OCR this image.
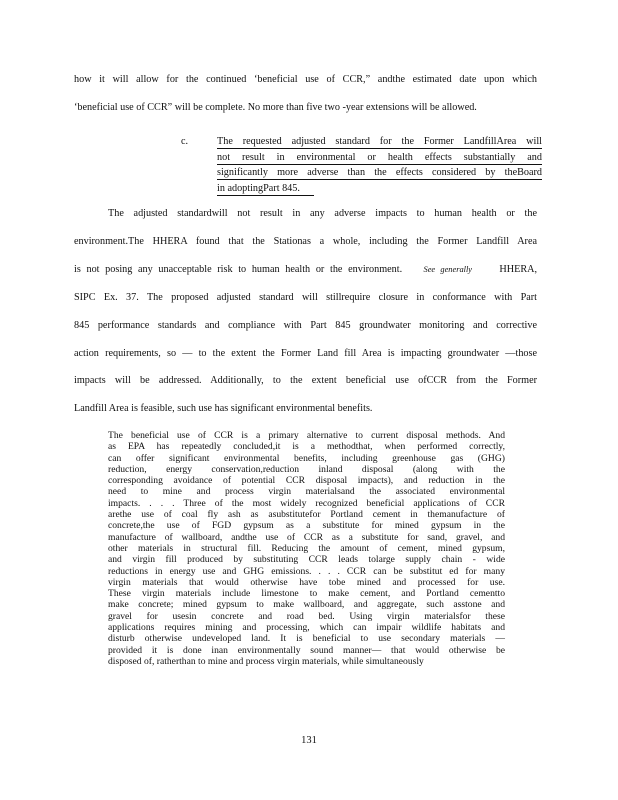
how it will allow for the continued ‘beneficial use of CCR,” andthe estimated date upon which
‘beneficial use of CCR” will be complete. No more than five two -year extensions will be allowed.
c.	The requested adjusted standard for the Former LandfillArea will
not result in environmental or health effects substantially and
significantly more adverse than the effects considered by theBoard
in adoptingPart 845.
The adjusted standardwill not result in any adverse impacts to human health or the
environment.The HHERA found that the Stationas a whole, including the Former Landfill Area
is not posing any unacceptable risk to human health or the environment.	See generally	HHERA,
SIPC Ex. 37. The proposed adjusted standard will stillrequire closure in conformance with Part
845 performance standards and compliance with Part 845 groundwater monitoring and corrective
action requirements, so — to the extent the Former Land fill Area is impacting groundwater —those
impacts will be addressed. Additionally, to the extent beneficial use ofCCR from the Former
Landfill Area is feasible, such use has significant environmental benefits.
The beneficial use of CCR is a primary alternative to current disposal methods. And
as EPA has repeatedly concluded,it is a methodthat, when performed correctly,
can offer significant environmental benefits, including greenhouse gas (GHG)
reduction, energy conservation,reduction inland disposal (along with the
corresponding avoidance of potential CCR disposal impacts), and reduction in the
need to mine and process virgin materialsand the associated environmental
impacts. . . . Three of the most widely recognized beneficial applications of CCR
arethe use of coal fly ash as asubstitutefor Portland cement in themanufacture of
concrete,the use of FGD gypsum as a substitute for mined gypsum in the
manufacture of wallboard, andthe use of CCR as a substitute for sand, gravel, and
other materials in structural fill. Reducing the amount of cement, mined gypsum,
and virgin fill produced by substituting CCR leads tolarge supply chain - wide
reductions in energy use and GHG emissions. . . . CCR can be substitut ed for many
virgin materials that would otherwise have tobe mined and processed for use.
These virgin materials include limestone to make cement, and Portland cementto
make concrete; mined gypsum to make wallboard, and aggregate, such asstone and
gravel for usesin concrete and road bed. Using virgin materialsfor these
applications requires mining and processing, which can impair wildlife habitats and
disturb otherwise undeveloped land. It is beneficial to use secondary materials —
provided it is done inan environmentally sound manner— that would otherwise be
disposed of, ratherthan to mine and process virgin materials, while simultaneously
131
